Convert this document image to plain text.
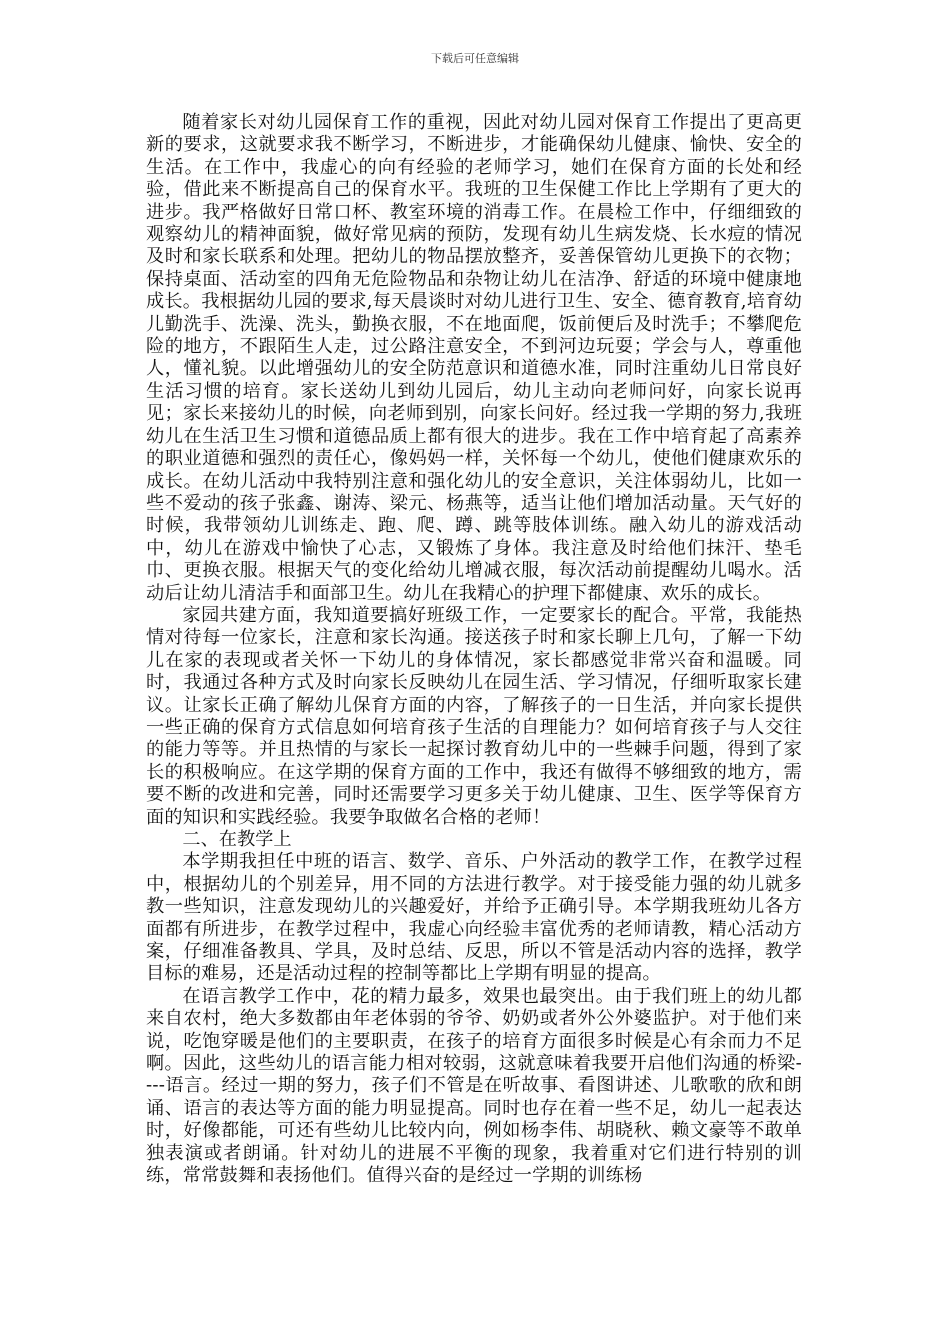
下载后可任意编辑

随着家长对幼儿园保育工作的重视，因此对幼儿园对保育工作提出了更高更新的要求，这就要求我不断学习，不断进步，才能确保幼儿健康、愉快、安全的生活。在工作中，我虚心的向有经验的老师学习，她们在保育方面的长处和经验，借此来不断提高自己的保育水平。我班的卫生保健工作比上学期有了更大的进步。我严格做好日常口杯、教室环境的消毒工作。在晨检工作中，仔细细致的观察幼儿的精神面貌，做好常见病的预防，发现有幼儿生病发烧、长水痘的情况及时和家长联系和处理。把幼儿的物品摆放整齐，妥善保管幼儿更换下的衣物；保持桌面、活动室的四角无危险物品和杂物让幼儿在洁净、舒适的环境中健康地成长。我根据幼儿园的要求,每天晨谈时对幼儿进行卫生、安全、德育教育,培育幼儿勤洗手、洗澡、洗头，勤换衣服，不在地面爬，饭前便后及时洗手；不攀爬危险的地方，不跟陌生人走，过公路注意安全，不到河边玩耍；学会与人，尊重他人，懂礼貌。以此增强幼儿的安全防范意识和道德水准，同时注重幼儿日常良好生活习惯的培育。家长送幼儿到幼儿园后，幼儿主动向老师问好，向家长说再见；家长来接幼儿的时候，向老师到别，向家长问好。经过我一学期的努力,我班幼儿在生活卫生习惯和道德品质上都有很大的进步。我在工作中培育起了高素养的职业道德和强烈的责任心，像妈妈一样，关怀每一个幼儿，使他们健康欢乐的成长。在幼儿活动中我特别注意和强化幼儿的安全意识，关注体弱幼儿，比如一些不爱动的孩子张鑫、谢涛、梁元、杨燕等，适当让他们增加活动量。天气好的时候，我带领幼儿训练走、跑、爬、蹲、跳等肢体训练。融入幼儿的游戏活动中，幼儿在游戏中愉快了心志，又锻炼了身体。我注意及时给他们抹汗、垫毛巾、更换衣服。根据天气的变化给幼儿增减衣服，每次活动前提醒幼儿喝水。活动后让幼儿清洁手和面部卫生。幼儿在我精心的护理下都健康、欢乐的成长。

家园共建方面，我知道要搞好班级工作，一定要家长的配合。平常，我能热情对待每一位家长，注意和家长沟通。接送孩子时和家长聊上几句，了解一下幼儿在家的表现或者关怀一下幼儿的身体情况，家长都感觉非常兴奋和温暖。同时，我通过各种方式及时向家长反映幼儿在园生活、学习情况，仔细听取家长建议。让家长正确了解幼儿保育方面的内容，了解孩子的一日生活，并向家长提供一些正确的保育方式信息如何培育孩子生活的自理能力？如何培育孩子与人交往的能力等等。并且热情的与家长一起探讨教育幼儿中的一些棘手问题，得到了家长的积极响应。在这学期的保育方面的工作中，我还有做得不够细致的地方，需要不断的改进和完善，同时还需要学习更多关于幼儿健康、卫生、医学等保育方面的知识和实践经验。我要争取做名合格的老师！

二、在教学上

本学期我担任中班的语言、数学、音乐、户外活动的教学工作，在教学过程中，根据幼儿的个别差异，用不同的方法进行教学。对于接受能力强的幼儿就多教一些知识，注意发现幼儿的兴趣爱好，并给予正确引导。本学期我班幼儿各方面都有所进步，在教学过程中，我虚心向经验丰富优秀的老师请教，精心活动方案，仔细准备教具、学具，及时总结、反思，所以不管是活动内容的选择，教学目标的难易，还是活动过程的控制等都比上学期有明显的提高。

在语言教学工作中，花的精力最多，效果也最突出。由于我们班上的幼儿都来自农村，绝大多数都由年老体弱的爷爷、奶奶或者外公外婆监护。对于他们来说，吃饱穿暖是他们的主要职责，在孩子的培育方面很多时候是心有余而力不足啊。因此，这些幼儿的语言能力相对较弱，这就意味着我要开启他们沟通的桥梁----语言。经过一期的努力，孩子们不管是在听故事、看图讲述、儿歌歌的欣和朗诵、语言的表达等方面的能力明显提高。同时也存在着一些不足，幼儿一起表达时，好像都能，可还有些幼儿比较内向，例如杨李伟、胡晓秋、赖文豪等不敢单独表演或者朗诵。针对幼儿的进展不平衡的现象，我着重对它们进行特别的训练，常常鼓舞和表扬他们。值得兴奋的是经过一学期的训练杨
